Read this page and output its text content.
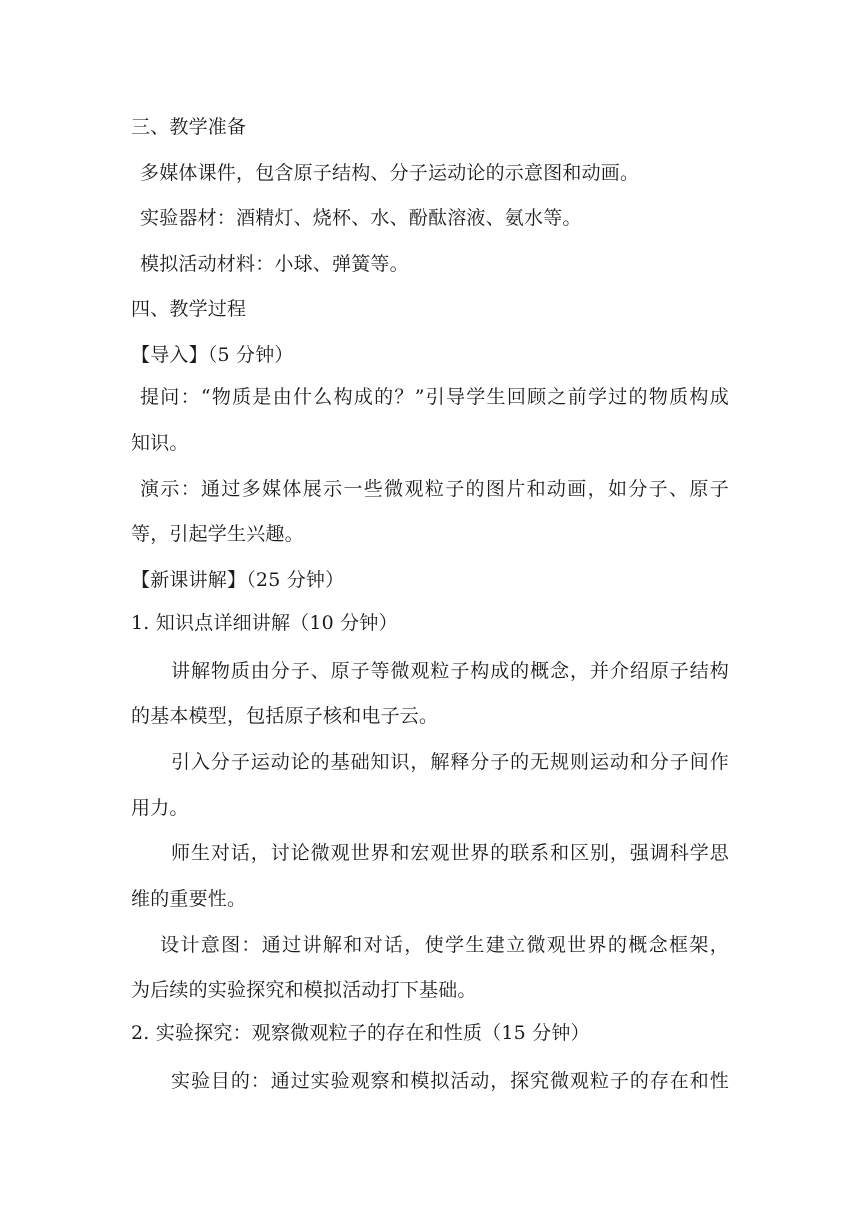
三、教学准备
多媒体课件，包含原子结构、分子运动论的示意图和动画。
实验器材：酒精灯、烧杯、水、酚酞溶液、氨水等。
模拟活动材料：小球、弹簧等。
四、教学过程
【导入】（5 分钟）
提问：“物质是由什么构成的？”引导学生回顾之前学过的物质构成
知识。
演示：通过多媒体展示一些微观粒子的图片和动画，如分子、原子
等，引起学生兴趣。
【新课讲解】（25 分钟）
1. 知识点详细讲解（10 分钟）
讲解物质由分子、原子等微观粒子构成的概念，并介绍原子结构
的基本模型，包括原子核和电子云。
引入分子运动论的基础知识，解释分子的无规则运动和分子间作
用力。
师生对话，讨论微观世界和宏观世界的联系和区别，强调科学思
维的重要性。
设计意图：通过讲解和对话，使学生建立微观世界的概念框架，
为后续的实验探究和模拟活动打下基础。
2. 实验探究：观察微观粒子的存在和性质（15 分钟）
实验目的：通过实验观察和模拟活动，探究微观粒子的存在和性
